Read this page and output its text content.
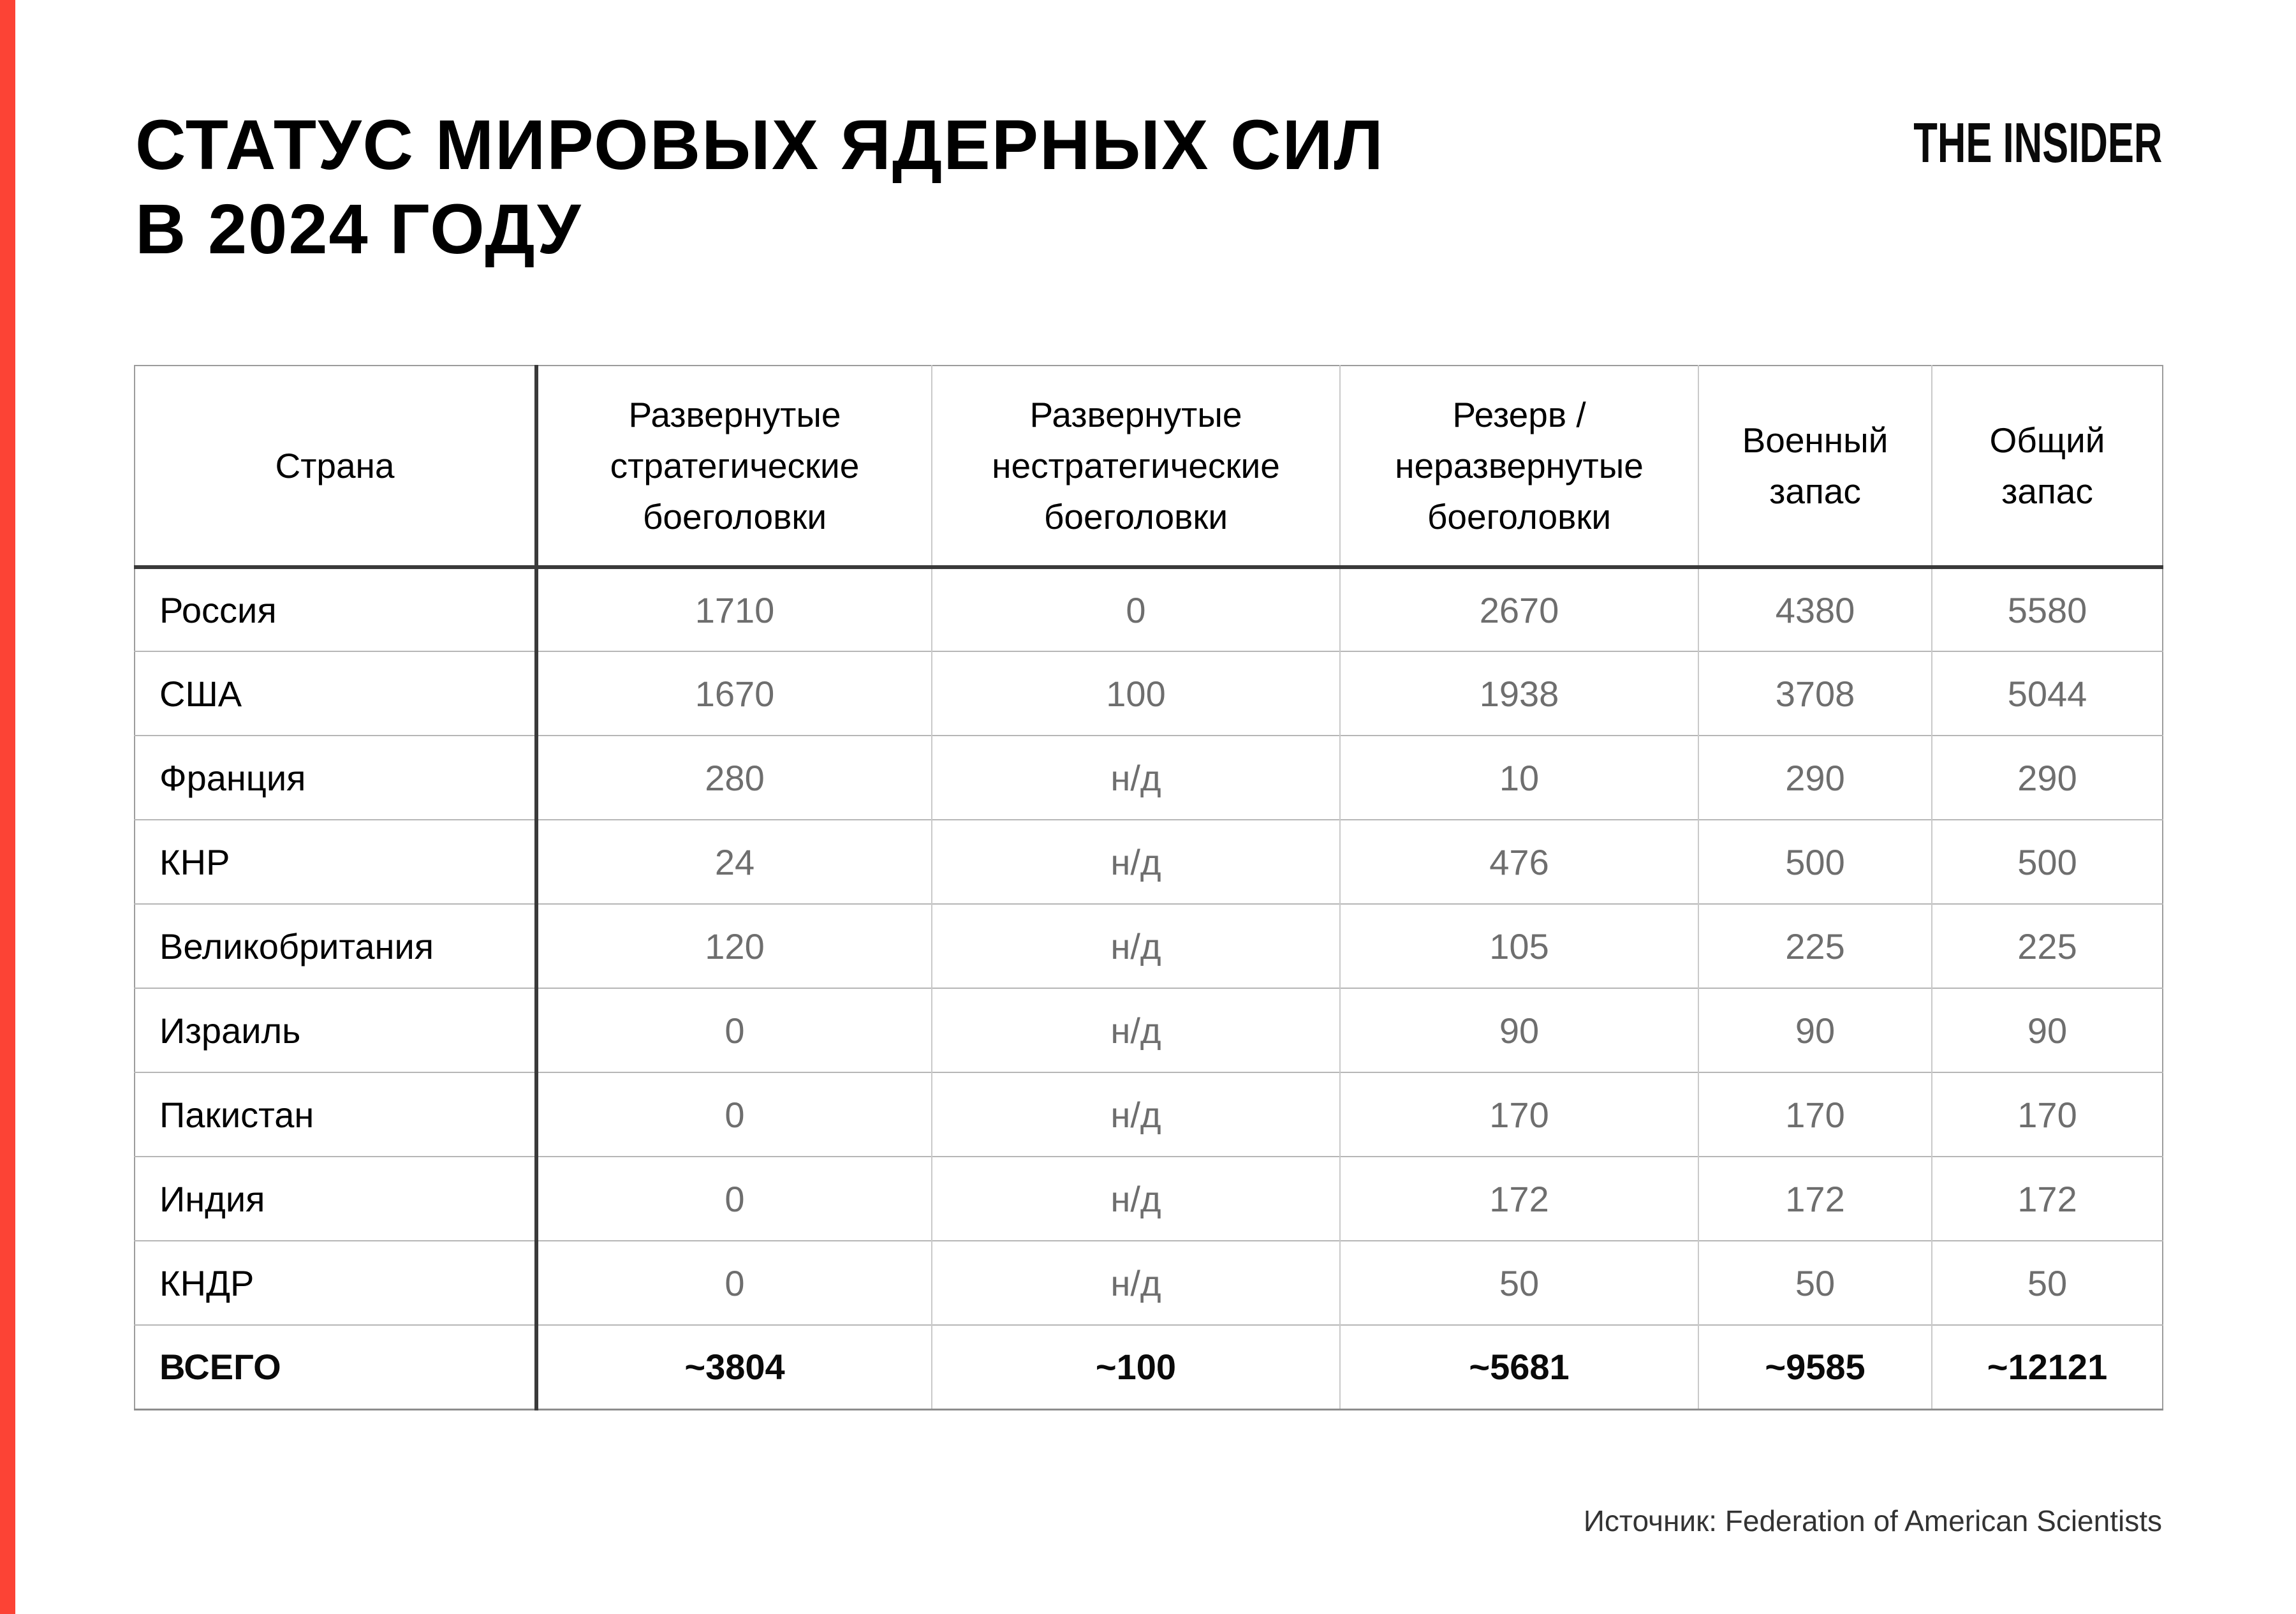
СТАТУС МИРОВЫХ ЯДЕРНЫХ СИЛ
В 2024 ГОДУ
THE INSIDER
Страна	Развернутые стратегические боеголовки	Развернутые нестратегические боеголовки	Резерв / неразвернутые боеголовки	Военный запас	Общий запас
Россия	1710	0	2670	4380	5580
США	1670	100	1938	3708	5044
Франция	280	н/д	10	290	290
КНР	24	н/д	476	500	500
Великобритания	120	н/д	105	225	225
Израиль	0	н/д	90	90	90
Пакистан	0	н/д	170	170	170
Индия	0	н/д	172	172	172
КНДР	0	н/д	50	50	50
ВСЕГО	~3804	~100	~5681	~9585	~12121
Источник: Federation of American Scientists
